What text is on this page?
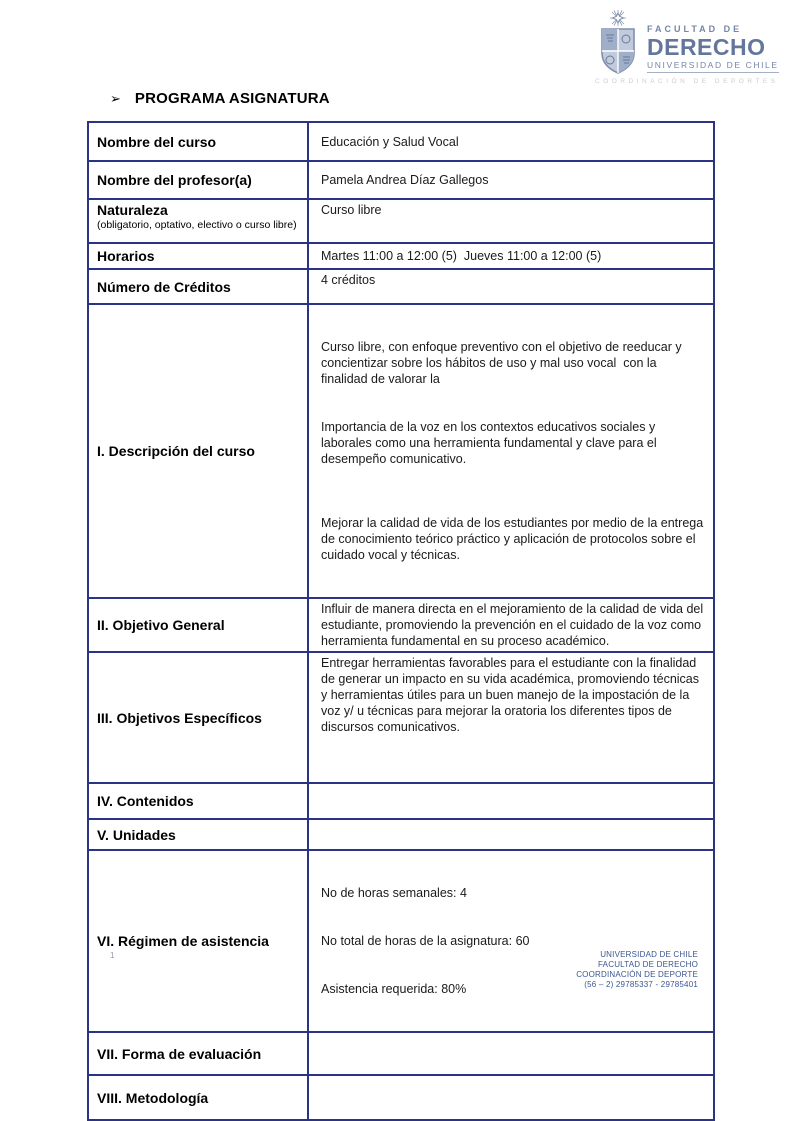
FACULTAD DE
DERECHO
UNIVERSIDAD DE CHILE
COORDINACIÓN DE DEPORTES
➢ PROGRAMA ASIGNATURA
Nombre del curso	Educación y Salud Vocal
Nombre del profesor(a)	Pamela Andrea Díaz Gallegos

Naturaleza
(obligatorio, optativo, electivo o curso libre)	Curso libre
Horarios	Martes 11:00 a 12:00 (5)  Jueves 11:00 a 12:00 (5)
Número de Créditos	4 créditos
I. Descripción del curso	Curso libre, con enfoque preventivo con el objetivo de reeducar y concientizar sobre los hábitos de uso y mal uso vocal  con la finalidad de valorar la

Importancia de la voz en los contextos educativos sociales y laborales como una herramienta fundamental y clave para el desempeño comunicativo.

Mejorar la calidad de vida de los estudiantes por medio de la entrega de conocimiento teórico práctico y aplicación de protocolos sobre el cuidado vocal y técnicas.

II. Objetivo General	Influir de manera directa en el mejoramiento de la calidad de vida del estudiante, promoviendo la prevención en el cuidado de la voz como herramienta fundamental en su proceso académico.
III. Objetivos Específicos	Entregar herramientas favorables para el estudiante con la finalidad de generar un impacto en su vida académica, promoviendo técnicas y herramientas útiles para un buen manejo de la impostación de la voz y/ u técnicas para mejorar la oratoria los diferentes tipos de discursos comunicativos.
IV. Contenidos	
V. Unidades	
VI. Régimen de asistencia	No de horas semanales: 4

No total de horas de la asignatura: 60

Asistencia requerida: 80%

VII. Forma de evaluación	
VIII. Metodología	
1	UNIVERSIDAD DE CHILE
FACULTAD DE DERECHO
COORDINACIÓN DE DEPORTE
(56 – 2) 29785337 - 29785401
